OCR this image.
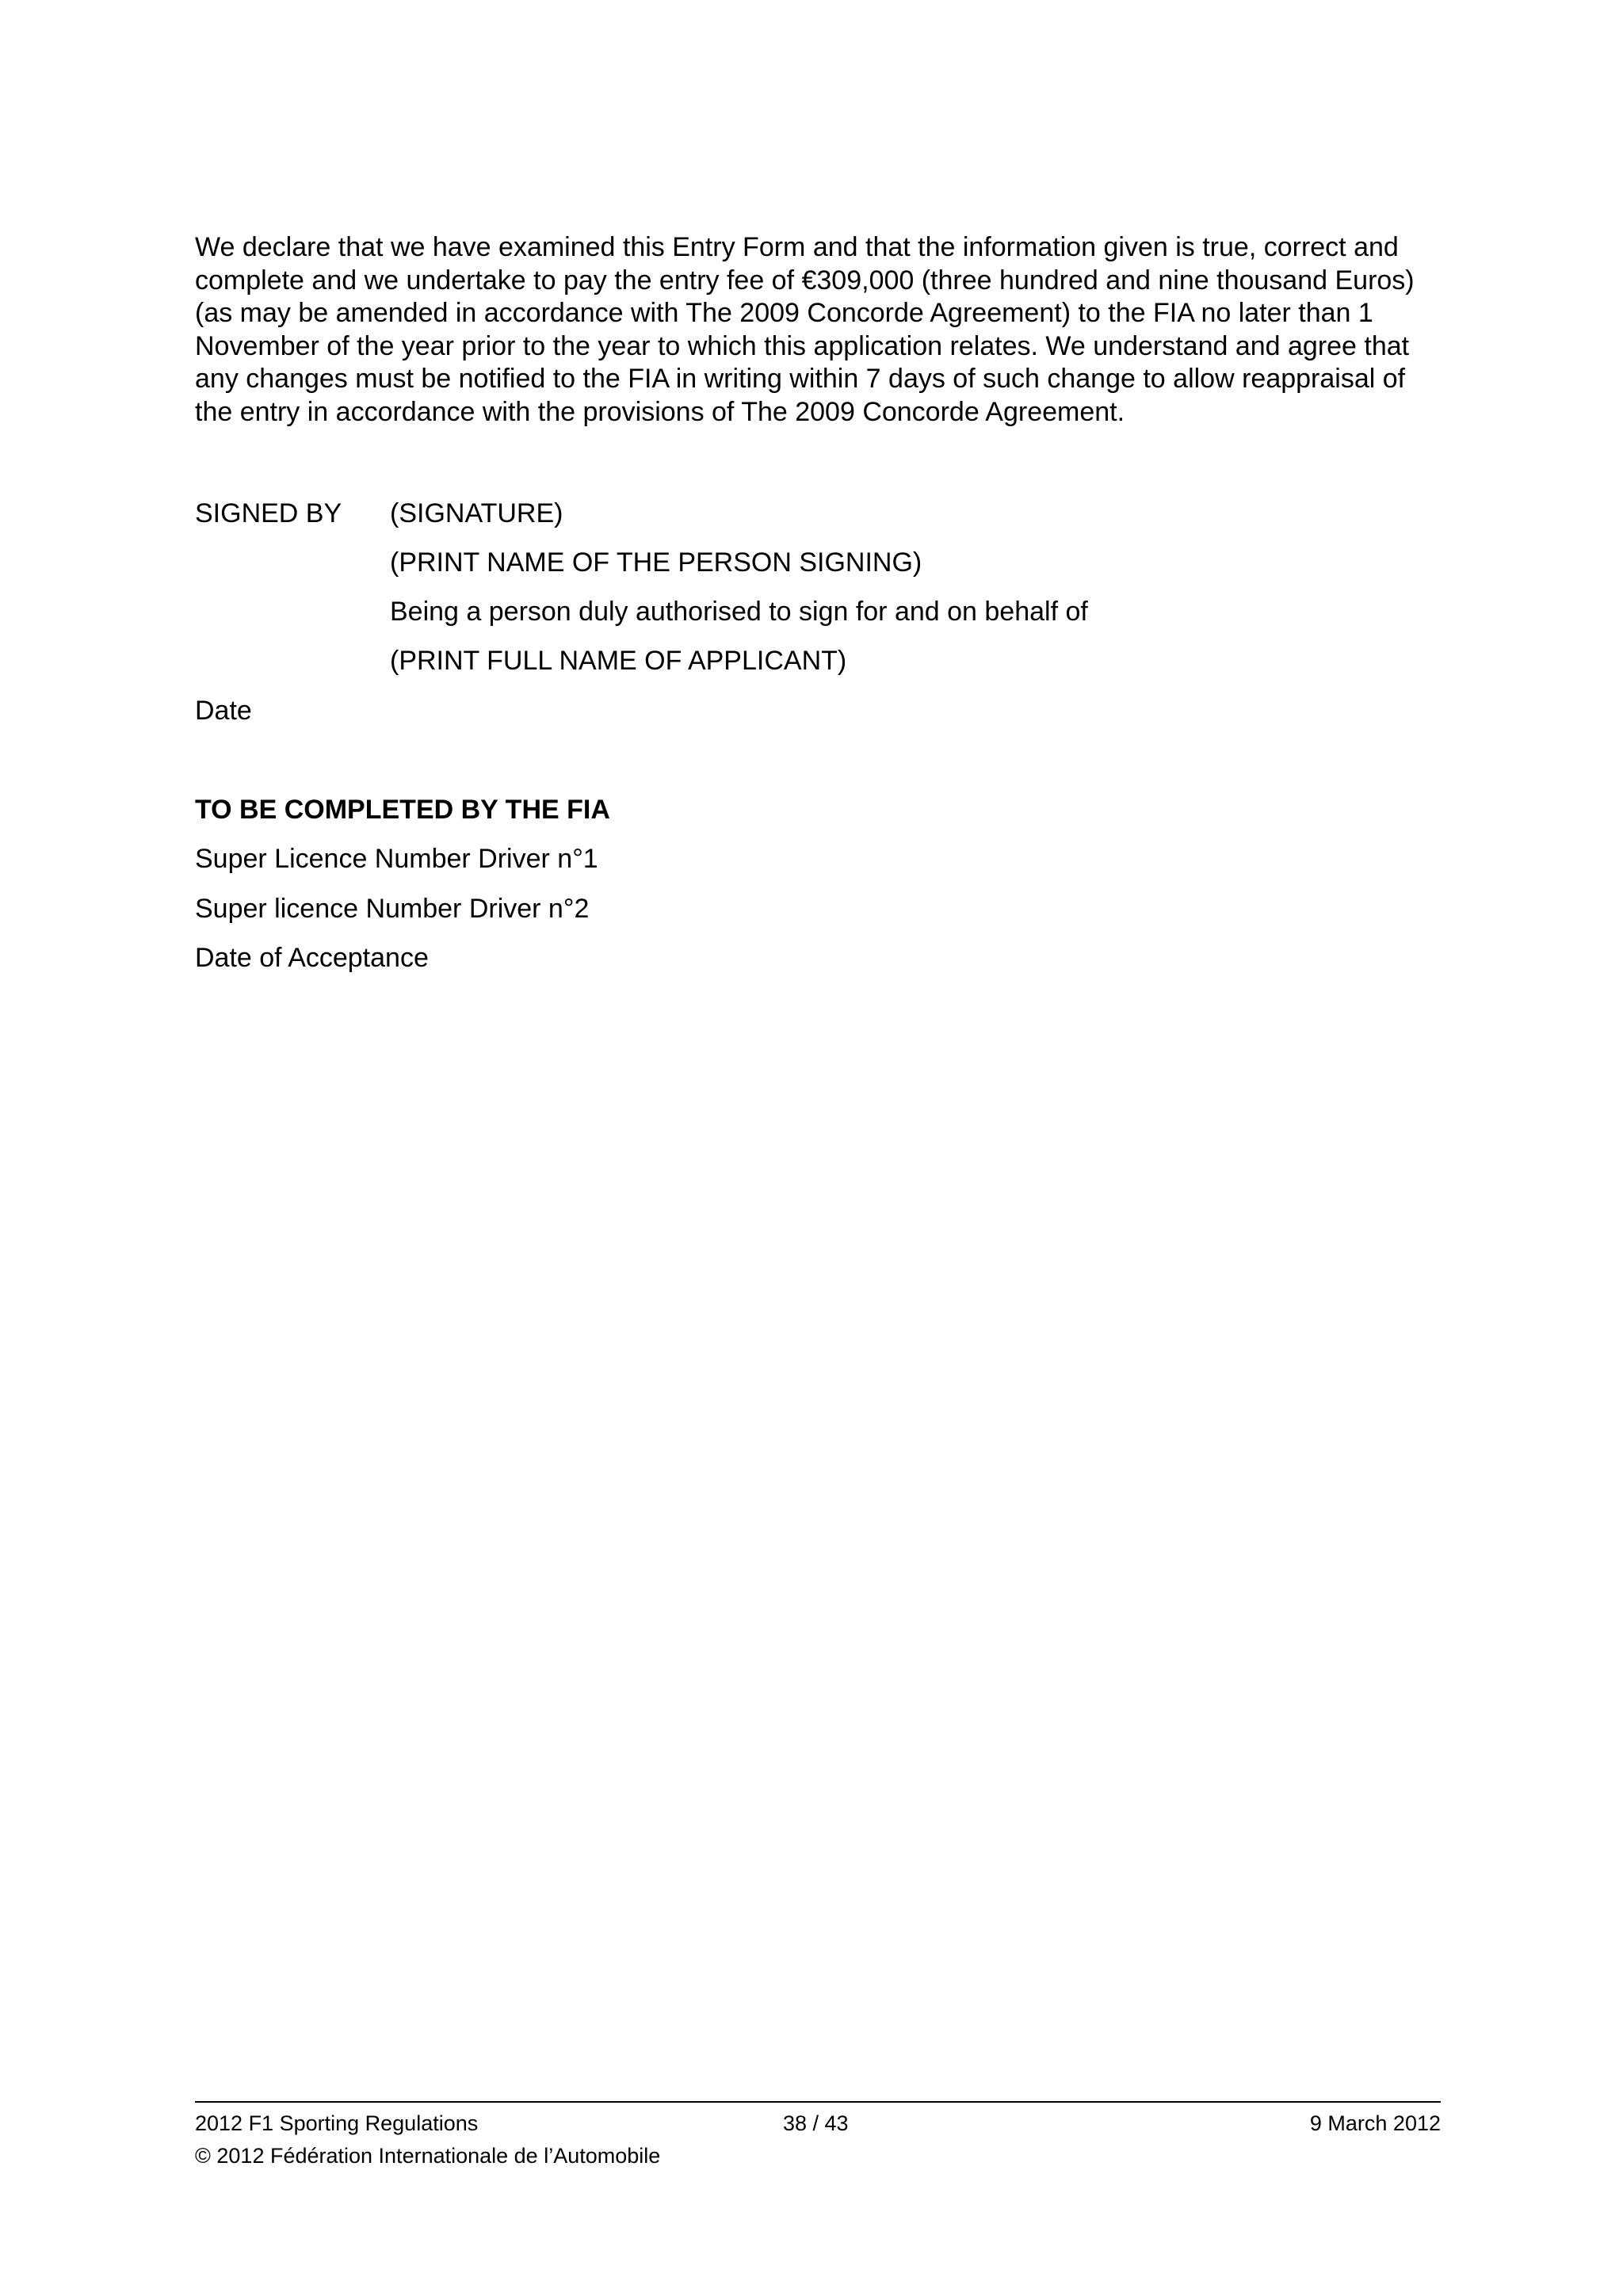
We declare that we have examined this Entry Form and that the information given is true, correct and complete and we undertake to pay the entry fee of €309,000 (three hundred and nine thousand Euros) (as may be amended in accordance with The 2009 Concorde Agreement) to the FIA no later than 1 November of the year prior to the year to which this application relates. We understand and agree that any changes must be notified to the FIA in writing within 7 days of such change to allow reappraisal of the entry in accordance with the provisions of The 2009 Concorde Agreement.

SIGNED BY (SIGNATURE)
(PRINT NAME OF THE PERSON SIGNING)
Being a person duly authorised to sign for and on behalf of
(PRINT FULL NAME OF APPLICANT)
Date
TO BE COMPLETED BY THE FIA
Super Licence Number Driver n°1
Super licence Number Driver n°2
Date of Acceptance
2012 F1 Sporting Regulations	38 / 43	9 March 2012
© 2012 Fédération Internationale de l’Automobile
